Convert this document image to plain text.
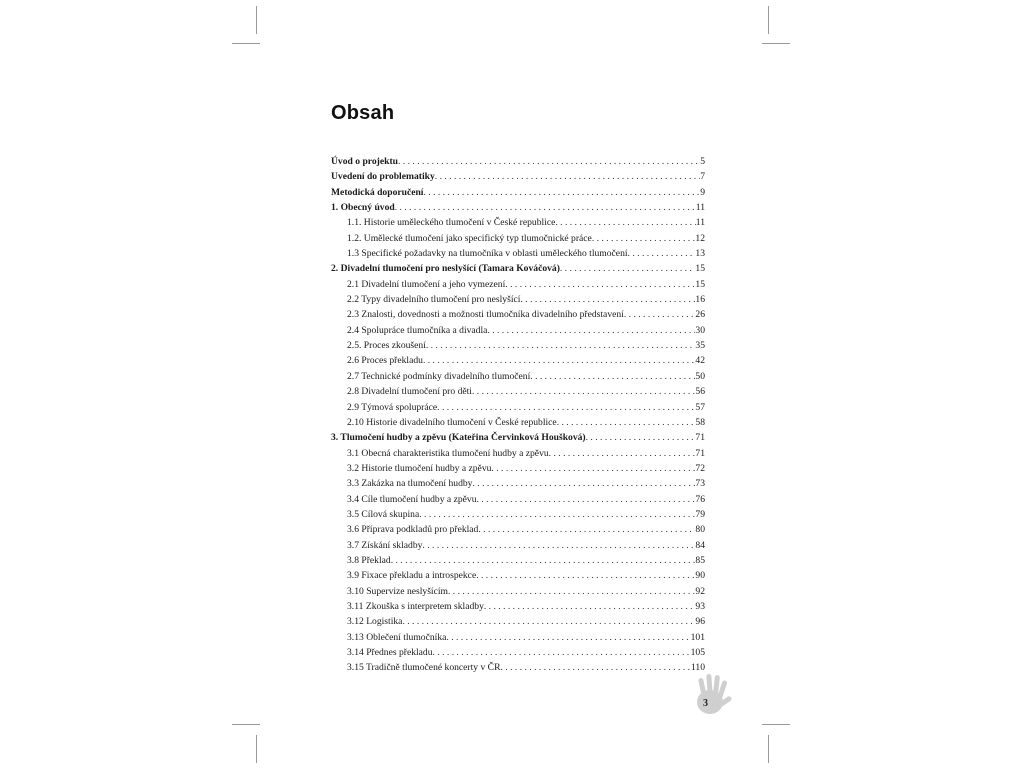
Obsah
Úvod o projektu . . .	5
Uvedení do problematiky . . .	7
Metodická doporučení . . .	9
1. Obecný úvod . . .	11
1.1. Historie uměleckého tlumočení v České republice . . .	11
1.2. Umělecké tlumočení jako specifický typ tlumočnické práce . . .	12
1.3 Specifické požadavky na tlumočníka v oblasti uměleckého tlumočení . . .	13
2. Divadelní tlumočení pro neslyšící (Tamara Kováčová) . . .	15
2.1 Divadelní tlumočení a jeho vymezení . . .	15
2.2 Typy divadelního tlumočení pro neslyšící . . .	16
2.3 Znalosti, dovednosti a možnosti tlumočníka divadelního představení . . .	26
2.4 Spolupráce tlumočníka a divadla . . .	30
2.5. Proces zkoušení . . .	35
2.6 Proces překladu . . .	42
2.7 Technické podmínky divadelního tlumočení . . .	50
2.8 Divadelní tlumočení pro děti . . .	56
2.9 Týmová spolupráce . . .	57
2.10 Historie divadelního tlumočení v České republice . . .	58
3. Tlumočení hudby a zpěvu (Kateřina Červinková Houšková) . . .	71
3.1 Obecná charakteristika tlumočení hudby a zpěvu . . .	71
3.2 Historie tlumočení hudby a zpěvu . . .	72
3.3 Zakázka na tlumočení hudby . . .	73
3.4 Cíle tlumočení hudby a zpěvu . . .	76
3.5 Cílová skupina . . .	79
3.6 Příprava podkladů pro překlad . . .	80
3.7 Získání skladby . . .	84
3.8 Překlad . . .	85
3.9 Fixace překladu a introspekce . . .	90
3.10 Supervize neslyšícím . . .	92
3.11 Zkouška s interpretem skladby . . .	93
3.12 Logistika . . .	96
3.13 Oblečení tlumočníka . . .	101
3.14 Přednes překladu . . .	105
3.15 Tradičně tlumočené koncerty v ČR . . .	110
3
